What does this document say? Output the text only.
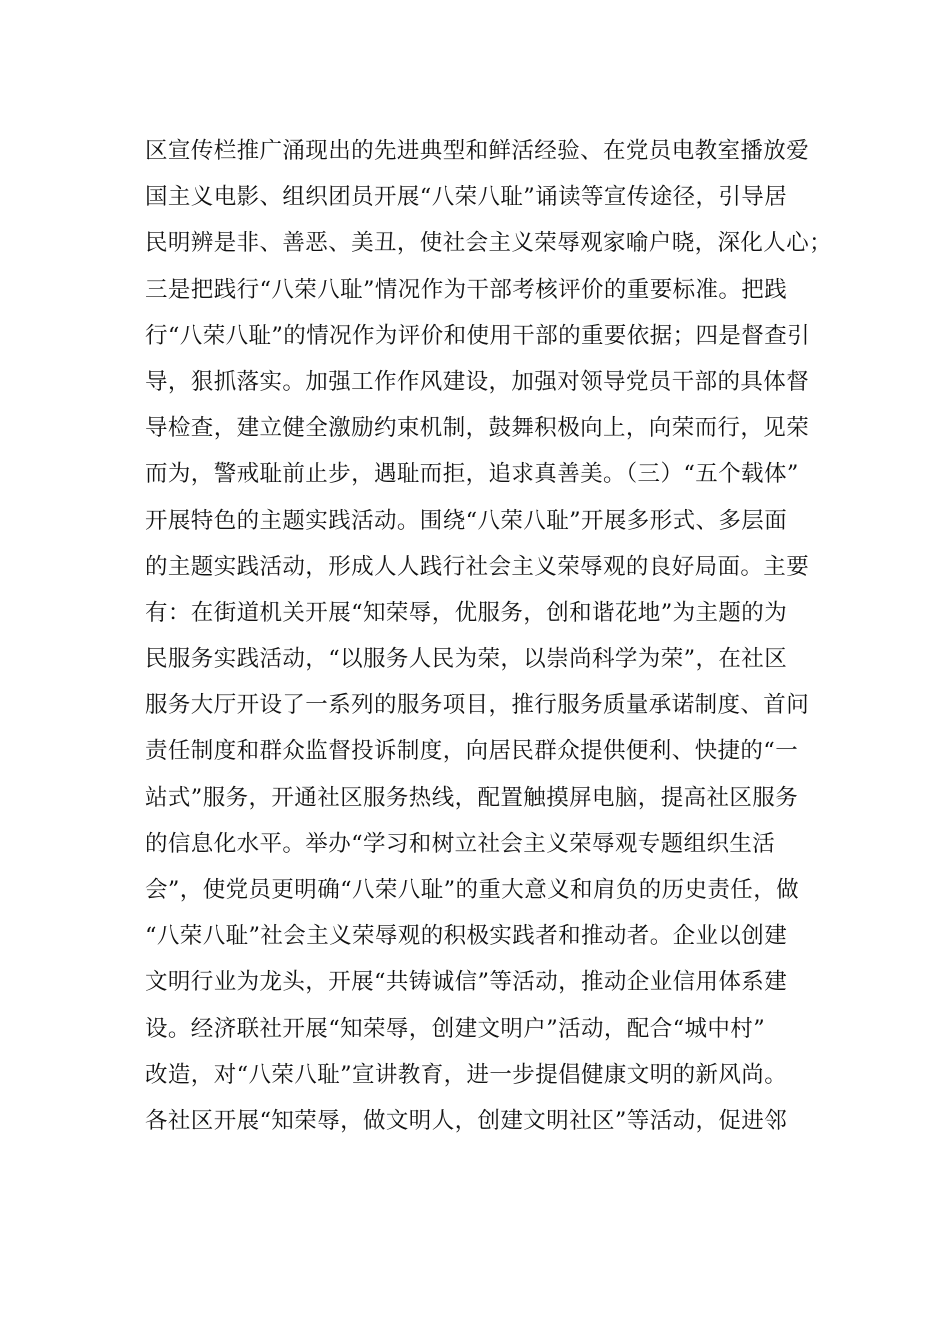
区宣传栏推广涌现出的先进典型和鲜活经验、在党员电教室播放爱
国主义电影、组织团员开展“八荣八耻”诵读等宣传途径，引导居
民明辨是非、善恶、美丑，使社会主义荣辱观家喻户晓，深化人心；
三是把践行“八荣八耻”情况作为干部考核评价的重要标准。把践
行“八荣八耻”的情况作为评价和使用干部的重要依据；四是督查引
导，狠抓落实。加强工作作风建设，加强对领导党员干部的具体督
导检查，建立健全激励约束机制，鼓舞积极向上，向荣而行，见荣
而为，警戒耻前止步，遇耻而拒，追求真善美。（三）“五个载体”
开展特色的主题实践活动。围绕“八荣八耻”开展多形式、多层面
的主题实践活动，形成人人践行社会主义荣辱观的良好局面。主要
有：在街道机关开展“知荣辱，优服务，创和谐花地”为主题的为
民服务实践活动，“以服务人民为荣，以崇尚科学为荣”，在社区
服务大厅开设了一系列的服务项目，推行服务质量承诺制度、首问
责任制度和群众监督投诉制度，向居民群众提供便利、快捷的“一
站式”服务，开通社区服务热线，配置触摸屏电脑，提高社区服务
的信息化水平。举办“学习和树立社会主义荣辱观专题组织生活
会”，使党员更明确“八荣八耻”的重大意义和肩负的历史责任，做
“八荣八耻”社会主义荣辱观的积极实践者和推动者。企业以创建
文明行业为龙头，开展“共铸诚信”等活动，推动企业信用体系建
设。经济联社开展“知荣辱，创建文明户”活动，配合“城中村”
改造，对“八荣八耻”宣讲教育，进一步提倡健康文明的新风尚。
各社区开展“知荣辱，做文明人，创建文明社区”等活动，促进邻
